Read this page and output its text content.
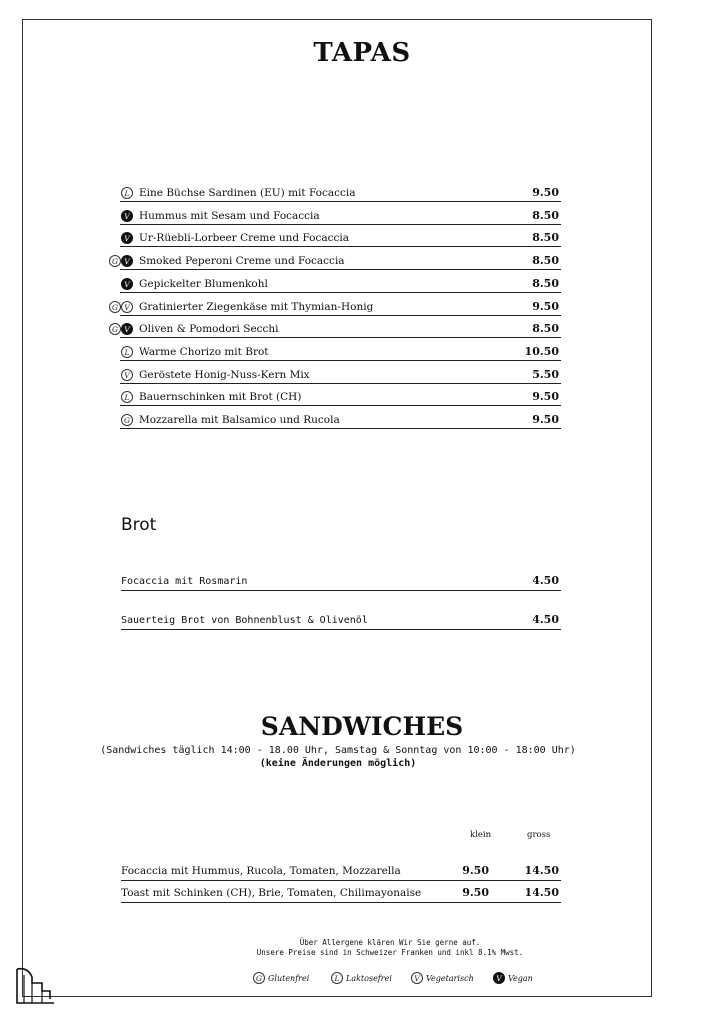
TAPAS
L Eine Büchse Sardinen (EU) mit Focaccia	9.50
V Hummus mit Sesam und Focaccia	8.50
V Ur-Rüebli-Lorbeer Creme und Focaccia	8.50
G V Smoked Peperoni Creme und Focaccia	8.50
V Gepickelter Blumenkohl	8.50
G V Gratinierter Ziegenkäse mit Thymian-Honig	9.50
G V Oliven & Pomodori Secchi	8.50
L Warme Chorizo mit Brot	10.50
V Geröstete Honig-Nuss-Kern Mix	5.50
L Bauernschinken mit Brot (CH)	9.50
G Mozzarella mit Balsamico und Rucola	9.50
Brot
Focaccia mit Rosmarin	4.50
Sauerteig Brot von Bohnenblust & Olivenöl	4.50
SANDWICHES
(Sandwiches täglich 14:00 - 18.00 Uhr, Samstag & Sonntag von 10:00 - 18:00 Uhr)
(keine Änderungen möglich)
klein	gross
Focaccia mit Hummus, Rucola, Tomaten, Mozzarella	9.50	14.50
Toast mit Schinken (CH), Brie, Tomaten, Chilimayonaise	9.50	14.50
Über Allergene klären Wir Sie gerne auf.
Unsere Preise sind in Schweizer Franken und inkl 8.1% Mwst.
G Glutenfrei	L Laktosefrei	V Vegetarisch	V Vegan
